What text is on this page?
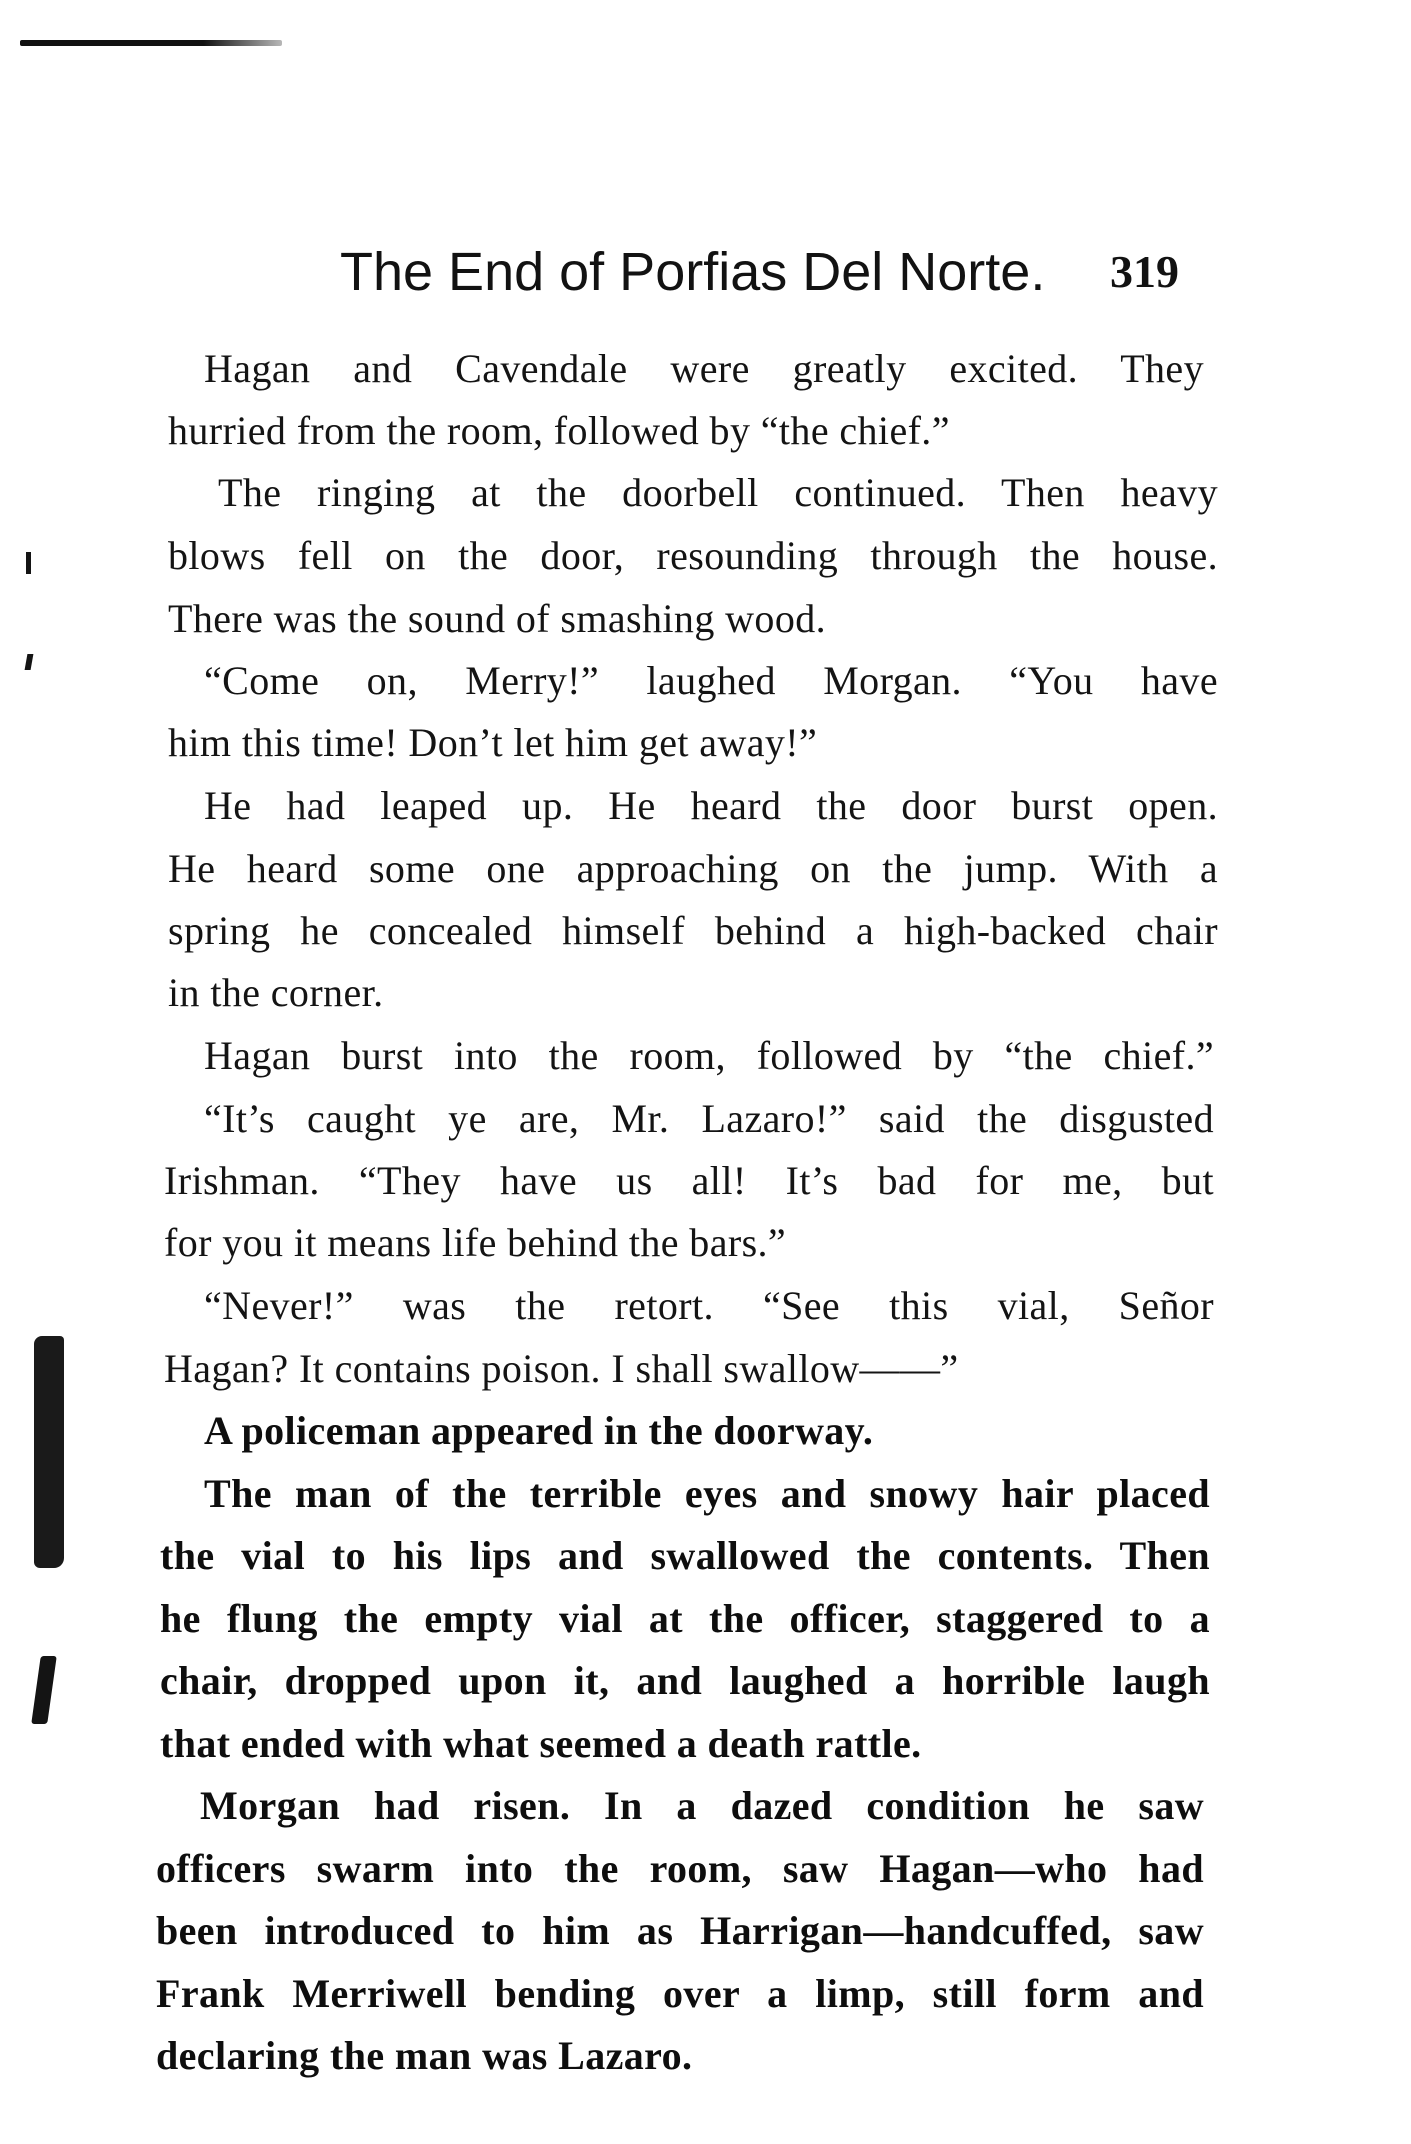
The End of Porfias Del Norte. 319
Hagan and Cavendale were greatly excited. They
hurried from the room, followed by “the chief.”
The ringing at the doorbell continued. Then heavy
blows fell on the door, resounding through the house.
There was the sound of smashing wood.
“Come on, Merry!” laughed Morgan. “You have
him this time! Don’t let him get away!”
He had leaped up. He heard the door burst open.
He heard some one approaching on the jump. With a
spring he concealed himself behind a high-backed chair
in the corner.
Hagan burst into the room, followed by “the chief.”
“It’s caught ye are, Mr. Lazaro!” said the disgusted
Irishman. “They have us all! It’s bad for me, but
for you it means life behind the bars.”
“Never!” was the retort. “See this vial, Señor
Hagan? It contains poison. I shall swallow——”
A policeman appeared in the doorway.
The man of the terrible eyes and snowy hair placed
the vial to his lips and swallowed the contents. Then
he flung the empty vial at the officer, staggered to a
chair, dropped upon it, and laughed a horrible laugh
that ended with what seemed a death rattle.
Morgan had risen. In a dazed condition he saw
officers swarm into the room, saw Hagan—who had
been introduced to him as Harrigan—handcuffed, saw
Frank Merriwell bending over a limp, still form and
declaring the man was Lazaro.
